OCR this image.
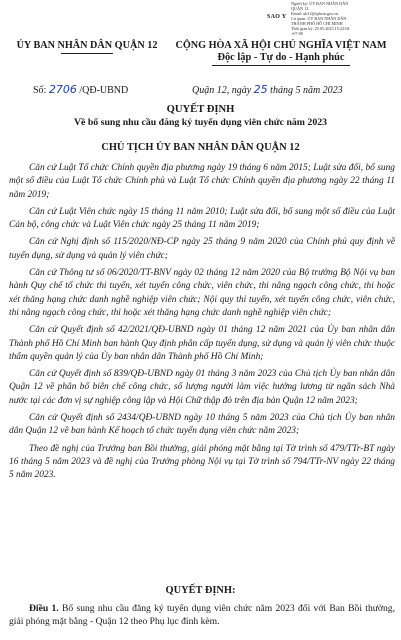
SAO Y
Người ký: ỦY BAN NHÂN DÂN
QUẬN 12
Email: ub12@tphcm.gov.vn
Cơ quan: ỦY BAN NHÂN DÂN
THÀNH PHỐ HỒ CHÍ MINH
Thời gian ký: 25.05.2023 15:22:04
+07:00
ỦY BAN NHÂN DÂN QUẬN 12	CỘNG HÒA XÃ HỘI CHỦ NGHĨA VIỆT NAM
Độc lập - Tự do - Hạnh phúc
Số: 2706 /QĐ-UBND	Quận 12, ngày 25 tháng 5 năm 2023
QUYẾT ĐỊNH
Về bổ sung nhu cầu đăng ký tuyển dụng viên chức năm 2023
CHỦ TỊCH ỦY BAN NHÂN DÂN QUẬN 12

Căn cứ Luật Tổ chức Chính quyền địa phương ngày 19 tháng 6 năm 2015; Luật sửa đổi, bổ sung một số điều của Luật Tổ chức Chính phủ và Luật Tổ chức Chính quyền địa phương ngày 22 tháng 11 năm 2019;

Căn cứ Luật Viên chức ngày 15 tháng 11 năm 2010; Luật sửa đổi, bổ sung một số điều của Luật Cán bộ, công chức và Luật Viên chức ngày 25 tháng 11 năm 2019;

Căn cứ Nghị định số 115/2020/NĐ-CP ngày 25 tháng 9 năm 2020 của Chính phủ quy định về tuyển dụng, sử dụng và quản lý viên chức;

Căn cứ Thông tư số 06/2020/TT-BNV ngày 02 tháng 12 năm 2020 của Bộ trưởng Bộ Nội vụ ban hành Quy chế tổ chức thi tuyển, xét tuyển công chức, viên chức, thi nâng ngạch công chức, thi hoặc xét thăng hạng chức danh nghề nghiệp viên chức; Nội quy thi tuyển, xét tuyển công chức, viên chức, thi nâng ngạch công chức, thi hoặc xét thăng hạng chức danh nghề nghiệp viên chức;

Căn cứ Quyết định số 42/2021/QĐ-UBND ngày 01 tháng 12 năm 2021 của Ủy ban nhân dân Thành phố Hồ Chí Minh ban hành Quy định phân cấp tuyển dụng, sử dụng và quản lý viên chức thuộc thẩm quyền quản lý của Ủy ban nhân dân Thành phố Hồ Chí Minh;

Căn cứ Quyết định số 839/QĐ-UBND ngày 01 tháng 3 năm 2023 của Chủ tịch Ủy ban nhân dân Quận 12 về phân bổ biên chế công chức, số lượng người làm việc hưởng lương từ ngân sách Nhà nước tại các đơn vị sự nghiệp công lập và Hội Chữ thập đỏ trên địa bàn Quận 12 năm 2023;

Căn cứ Quyết định số 2434/QĐ-UBND ngày 10 tháng 5 năm 2023 của Chủ tịch Ủy ban nhân dân Quận 12 về ban hành Kế hoạch tổ chức tuyển dụng viên chức năm 2023;

Theo đề nghị của Trưởng ban Bồi thường, giải phóng mặt bằng tại Tờ trình số 479/TTr-BT ngày 16 tháng 5 năm 2023 và đề nghị của Trưởng phòng Nội vụ tại Tờ trình số 794/TTr-NV ngày 22 tháng 5 năm 2023.

QUYẾT ĐỊNH:

Điều 1. Bổ sung nhu cầu đăng ký tuyển dụng viên chức năm 2023 đối với Ban Bồi thường, giải phóng mặt bằng - Quận 12 theo Phụ lục đính kèm.
